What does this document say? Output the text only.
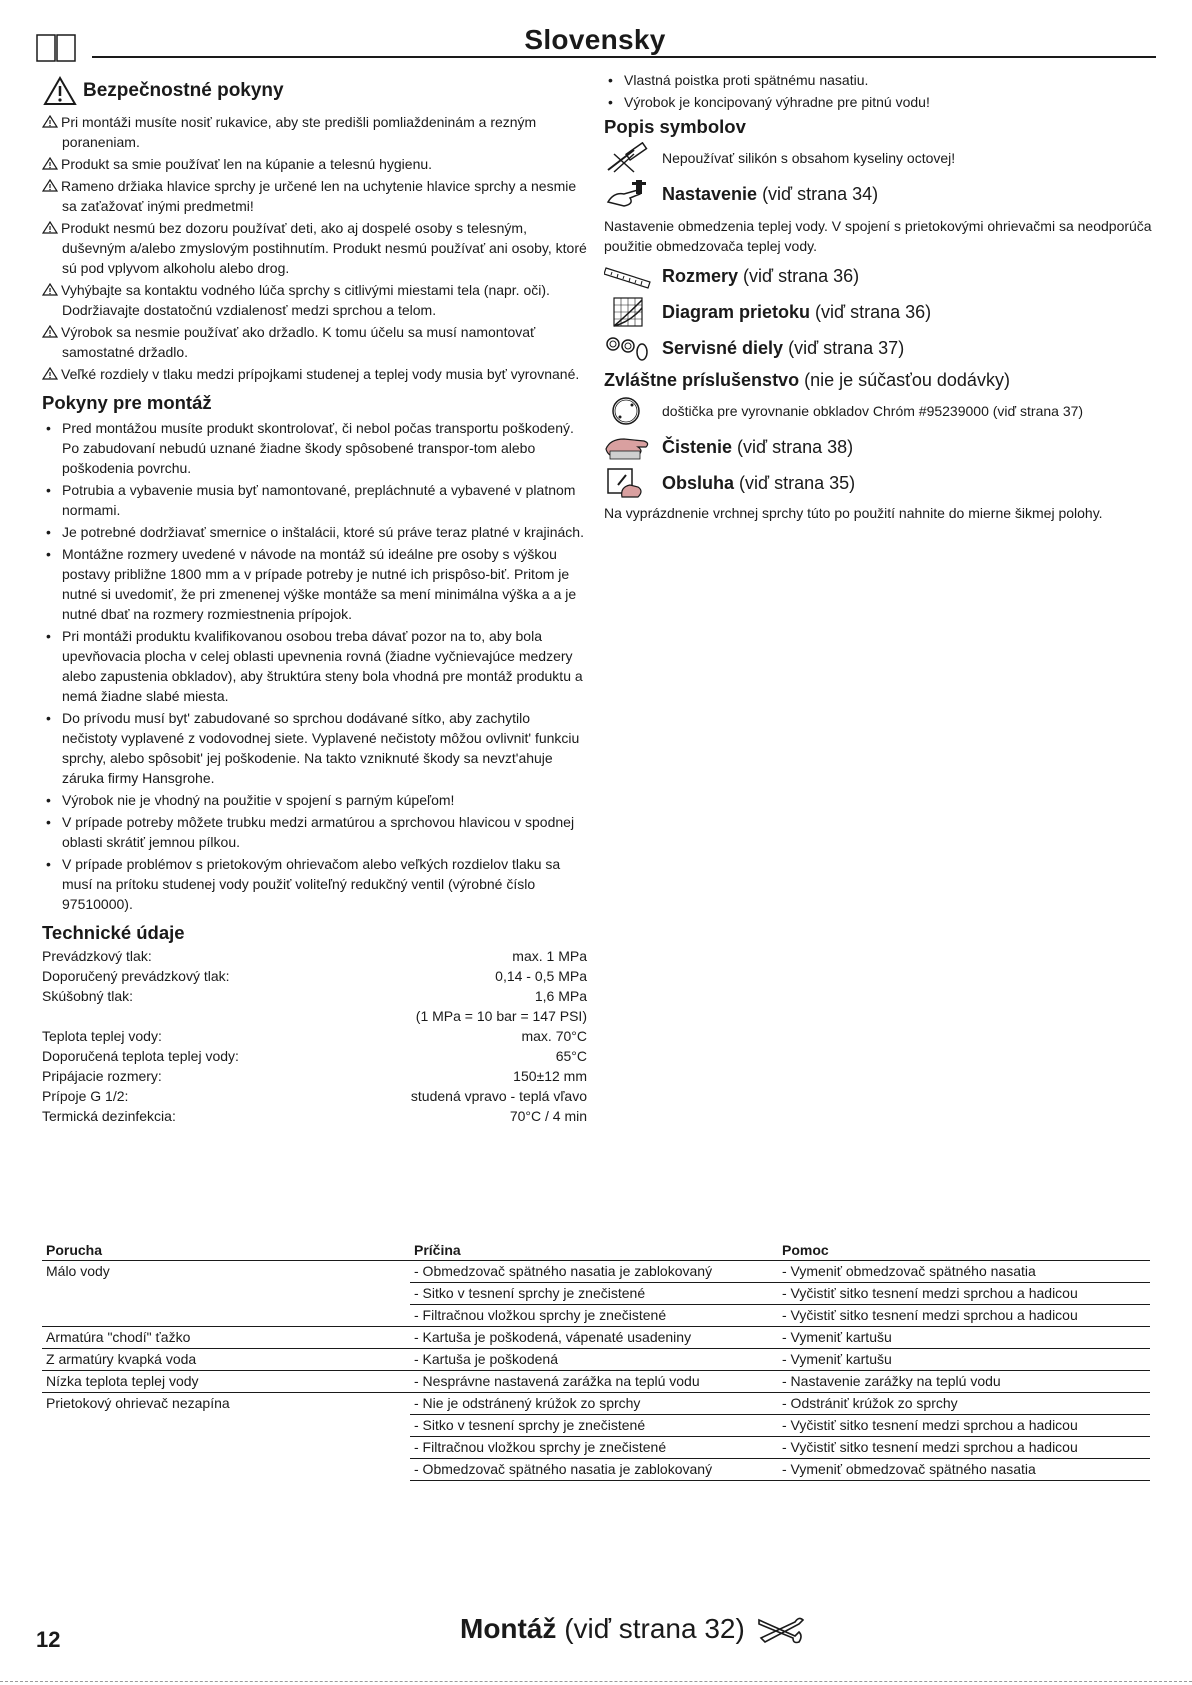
Slovensky
Bezpečnostné pokyny

Pri montáži musíte nosiť rukavice, aby ste predišli pomliaždeninám a rezným poraneniam.

Produkt sa smie používať len na kúpanie a telesnú hygienu.

Rameno držiaka hlavice sprchy je určené len na uchytenie hlavice sprchy a nesmie sa zaťažovať inými predmetmi!

Produkt nesmú bez dozoru používať deti, ako aj dospelé osoby s telesným, duševným a/alebo zmyslovým postihnutím. Produkt nesmú používať ani osoby, ktoré sú pod vplyvom alkoholu alebo drog.

Vyhýbajte sa kontaktu vodného lúča sprchy s citlivými miestami tela (napr. oči). Dodržiavajte dostatočnú vzdialenosť medzi sprchou a telom.

Výrobok sa nesmie používať ako držadlo. K tomu účelu sa musí namontovať samostatné držadlo.

Veľké rozdiely v tlaku medzi prípojkami studenej a teplej vody musia byť vyrovnané.

Pokyny pre montáž
• Pred montážou musíte produkt skontrolovať, či nebol počas transportu poškodený. Po zabudovaní nebudú uznané žiadne škody spôsobené transpor-tom alebo poškodenia povrchu.
• Potrubia a vybavenie musia byť namontované, prepláchnuté a vybavené v platnom normami.
• Je potrebné dodržiavať smernice o inštalácii, ktoré sú práve teraz platné v krajinách.
• Montážne rozmery uvedené v návode na montáž sú ideálne pre osoby s výškou postavy približne 1800 mm a v prípade potreby je nutné ich prispôso-biť. Pritom je nutné si uvedomiť, že pri zmenenej výške montáže sa mení minimálna výška a a je nutné dbať na rozmery rozmiestnenia prípojok.
• Pri montáži produktu kvalifikovanou osobou treba dávať pozor na to, aby bola upevňovacia plocha v celej oblasti upevnenia rovná (žiadne vyčnievajúce medzery alebo zapustenia obkladov), aby štruktúra steny bola vhodná pre montáž produktu a nemá žiadne slabé miesta.
• Do prívodu musí byt' zabudované so sprchou dodávané sítko, aby zachytilo nečistoty vyplavené z vodovodnej siete. Vyplavené nečistoty môžou ovlivnit' funkciu sprchy, alebo spôsobit' jej poškodenie. Na takto vzniknuté škody sa nevzt'ahuje záruka firmy Hansgrohe.
• Výrobok nie je vhodný na použitie v spojení s parným kúpeľom!
• V prípade potreby môžete trubku medzi armatúrou a sprchovou hlavicou v spodnej oblasti skrátiť jemnou pílkou.
• V prípade problémov s prietokovým ohrievačom alebo veľkých rozdielov tlaku sa musí na prítoku studenej vody použiť voliteľný redukčný ventil (výrobné číslo 97510000).
Technické údaje
Prevádzkový tlak:	max. 1 MPa
Doporučený prevádzkový tlak:	0,14 - 0,5 MPa
Skúšobný tlak:	1,6 MPa
(1 MPa = 10 bar = 147 PSI)
Teplota teplej vody:	max. 70°C
Doporučená teplota teplej vody:	65°C
Pripájacie rozmery:	150±12 mm
Prípoje G 1/2:	studená vpravo - teplá vľavo
Termická dezinfekcia:	70°C / 4 min
• Vlastná poistka proti spätnému nasatiu.
• Výrobok je koncipovaný výhradne pre pitnú vodu!
Popis symbolov
Nepoužívať silikón s obsahom kyseliny octovej!
Nastavenie (viď strana 34)

Nastavenie obmedzenia teplej vody. V spojení s prietokovými ohrievačmi sa neodporúča použitie obmedzovača teplej vody.

Rozmery (viď strana 36)
Diagram prietoku (viď strana 36)
Servisné diely (viď strana 37)
Zvláštne príslušenstvo (nie je súčasťou dodávky)
doštička pre vyrovnanie obkladov Chróm #95239000 (viď strana 37)
Čistenie (viď strana 38)
Obsluha (viď strana 35)

Na vyprázdnenie vrchnej sprchy túto po použití nahnite do mierne šikmej polohy.

Porucha	Príčina	Pomoc
Málo vody	- Obmedzovač spätného nasatia je zablokovaný	- Vymeniť obmedzovač spätného nasatia
	- Sitko v tesnení sprchy je znečistené	- Vyčistiť sitko tesnení medzi sprchou a hadicou
	- Filtračnou vložkou sprchy je znečistené	- Vyčistiť sitko tesnení medzi sprchou a hadicou
Armatúra "chodí" ťažko	- Kartuša je poškodená, vápenaté usadeniny	- Vymeniť kartušu
Z armatúry kvapká voda	- Kartuša je poškodená	- Vymeniť kartušu
Nízka teplota teplej vody	- Nesprávne nastavená zarážka na teplú vodu	- Nastavenie zarážky na teplú vodu
Prietokový ohrievač nezapína	- Nie je odstránený krúžok zo sprchy	- Odstrániť krúžok zo sprchy
	- Sitko v tesnení sprchy je znečistené	- Vyčistiť sitko tesnení medzi sprchou a hadicou
	- Filtračnou vložkou sprchy je znečistené	- Vyčistiť sitko tesnení medzi sprchou a hadicou
	- Obmedzovač spätného nasatia je zablokovaný	- Vymeniť obmedzovač spätného nasatia
12	Montáž (viď strana 32)
